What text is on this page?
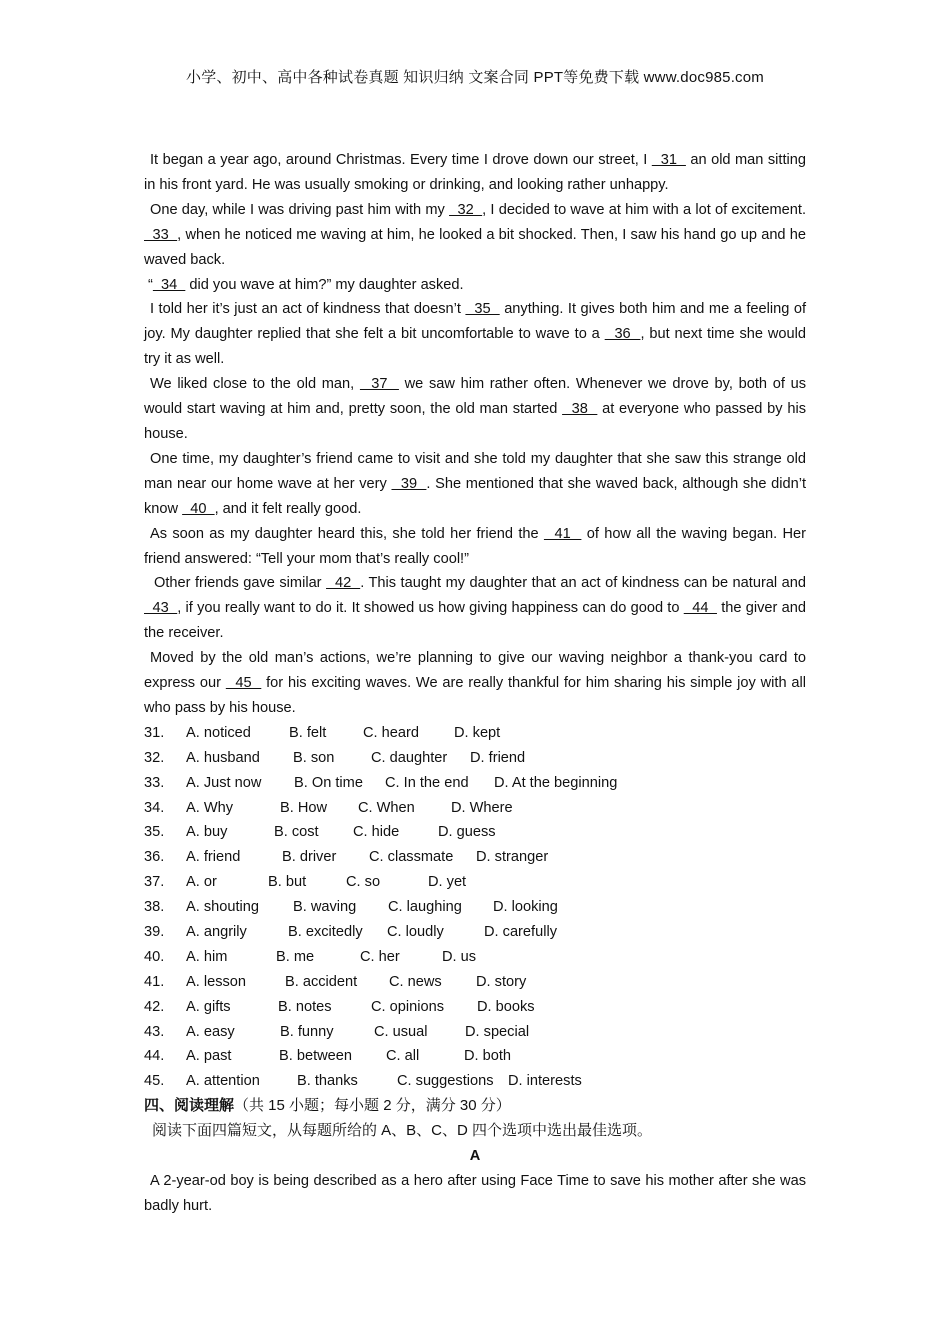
小学、初中、高中各种试卷真题 知识归纳 文案合同 PPT等免费下载 www.doc985.com

It began a year ago, around Christmas. Every time I drove down our street, I   31   an old man sitting in his front yard. He was usually smoking or drinking, and looking rather unhappy.

One day, while I was driving past him with my   32  , I decided to wave at him with a lot of excitement.   33  , when he noticed me waving at him, he looked a bit shocked. Then, I saw his hand go up and he waved back.

“  34   did you wave at him?” my daughter asked.

I told her it’s just an act of kindness that doesn’t   35   anything. It gives both him and me a feeling of joy. My daughter replied that she felt a bit uncomfortable to wave to a   36  , but next time she would try it as well.

We liked close to the old man,   37   we saw him rather often. Whenever we drove by, both of us would start waving at him and, pretty soon, the old man started   38   at everyone who passed by his house.

One time, my daughter’s friend came to visit and she told my daughter that she saw this strange old man near our home wave at her very   39  . She mentioned that she waved back, although she didn’t know   40  , and it felt really good.

As soon as my daughter heard this, she told her friend the   41   of how all the waving began. Her friend answered: “Tell your mom that’s really cool!”

Other friends gave similar   42  . This taught my daughter that an act of kindness can be natural and   43  , if you really want to do it. It showed us how giving happiness can do good to   44   the giver and the receiver.

Moved by the old man’s actions, we’re planning to give our waving neighbor a thank-you card to express our   45   for his exciting waves. We are really thankful for him sharing his simple joy with all who pass by his house.

31.	A. noticed	B. felt	C. heard	D. kept
32.	A. husband	B. son	C. daughter	D. friend
33.	A. Just now	B. On time	C. In the end	D. At the beginning
34.	A. Why	B. How	C. When	D. Where
35.	A. buy	B. cost	C. hide	D. guess
36.	A. friend	B. driver	C. classmate	D. stranger
37.	A. or	B. but	C. so	D. yet
38.	A. shouting	B. waving	C. laughing	D. looking
39.	A. angrily	B. excitedly	C. loudly	D. carefully
40.	A. him	B. me	C. her	D. us
41.	A. lesson	B. accident	C. news	D. story
42.	A. gifts	B. notes	C. opinions	D. books
43.	A. easy	B. funny	C. usual	D. special
44.	A. past	B. between	C. all	D. both
45.	A. attention	B. thanks	C. suggestions D. interests

四、阅读理解（共 15 小题；每小题 2 分，满分 30 分）

阅读下面四篇短文，从每题所给的 A、B、C、D 四个选项中选出最佳选项。

A

A 2-year-od boy is being described as a hero after using Face Time to save his mother after she was badly hurt.
